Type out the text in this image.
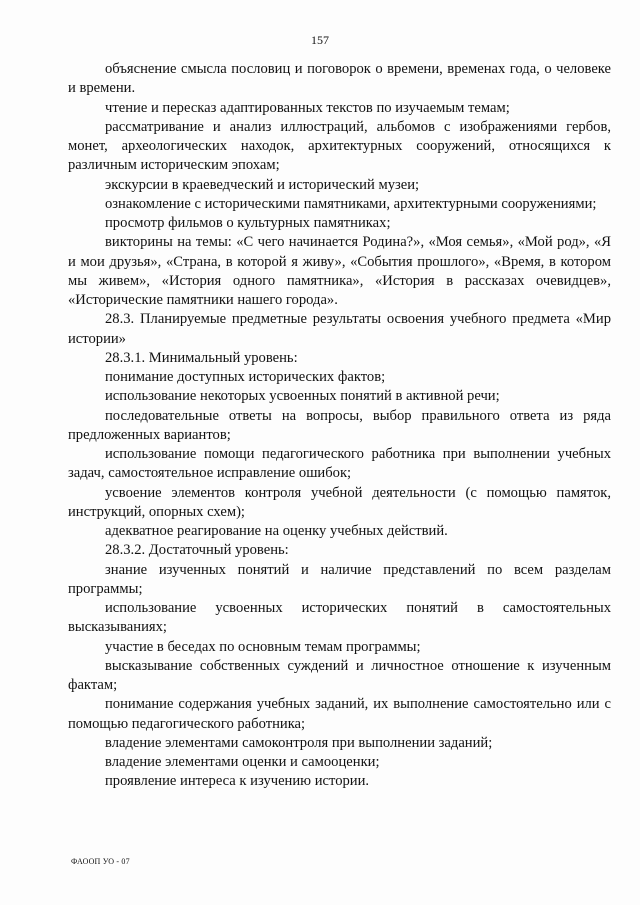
157

объяснение смысла пословиц и поговорок о времени, временах года, о человеке и времени.

чтение и пересказ адаптированных текстов по изучаемым темам;

рассматривание и анализ иллюстраций, альбомов с изображениями гербов, монет, археологических находок, архитектурных сооружений, относящихся к различным историческим эпохам;

экскурсии в краеведческий и исторический музеи;

ознакомление с историческими памятниками, архитектурными сооружениями;

просмотр фильмов о культурных памятниках;

викторины на темы: «С чего начинается Родина?», «Моя семья», «Мой род», «Я и мои друзья», «Страна, в которой я живу», «События прошлого», «Время, в котором мы живем», «История одного памятника», «История в рассказах очевидцев», «Исторические памятники нашего города».

28.3. Планируемые предметные результаты освоения учебного предмета «Мир истории»

28.3.1. Минимальный уровень:

понимание доступных исторических фактов;

использование некоторых усвоенных понятий в активной речи;

последовательные ответы на вопросы, выбор правильного ответа из ряда предложенных вариантов;

использование помощи педагогического работника при выполнении учебных задач, самостоятельное исправление ошибок;

усвоение элементов контроля учебной деятельности (с помощью памяток, инструкций, опорных схем);

адекватное реагирование на оценку учебных действий.

28.3.2. Достаточный уровень:

знание изученных понятий и наличие представлений по всем разделам программы;

использование усвоенных исторических понятий в самостоятельных высказываниях;

участие в беседах по основным темам программы;

высказывание собственных суждений и личностное отношение к изученным фактам;

понимание содержания учебных заданий, их выполнение самостоятельно или с помощью педагогического работника;

владение элементами самоконтроля при выполнении заданий;

владение элементами оценки и самооценки;

проявление интереса к изучению истории.

ФАООП УО - 07
